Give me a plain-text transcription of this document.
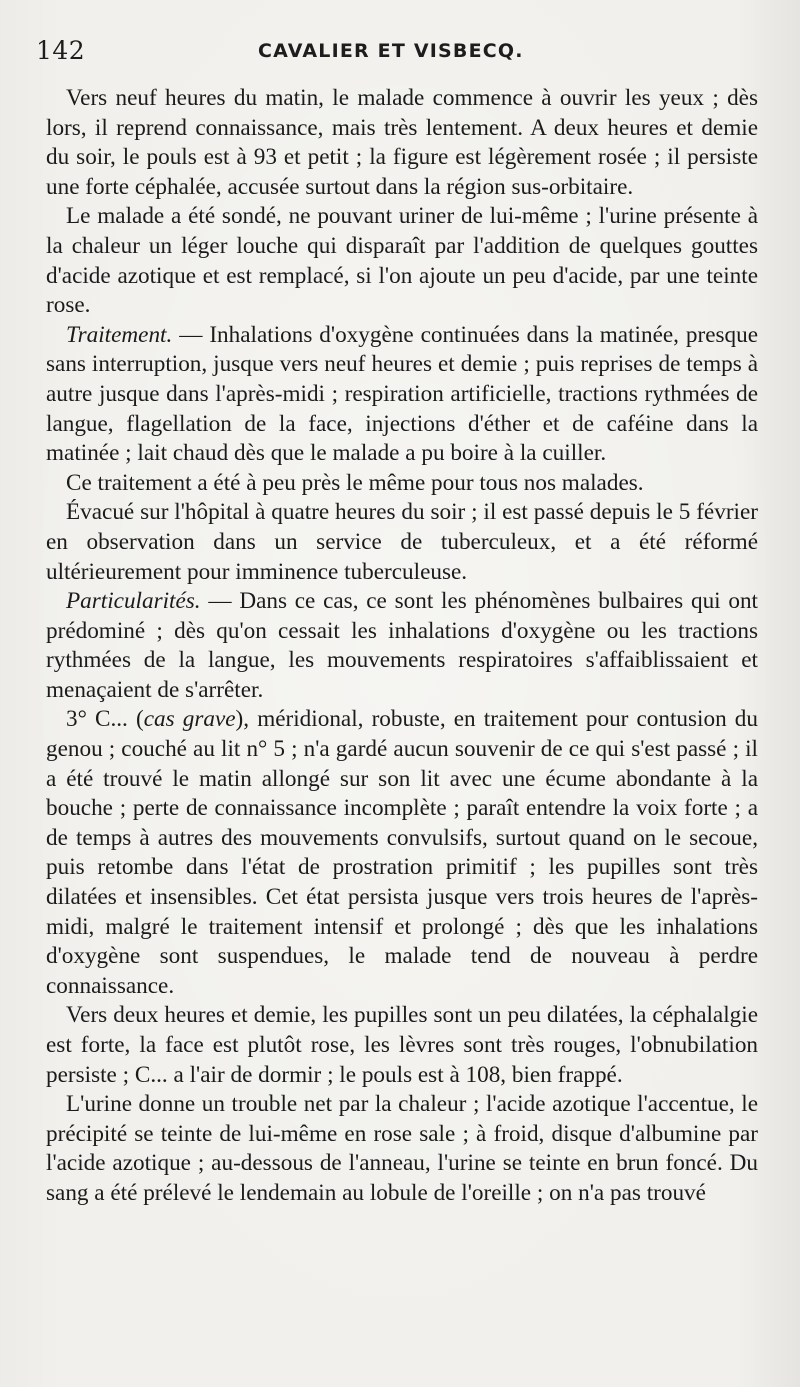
142	CAVALIER ET VISBECQ.

Vers neuf heures du matin, le malade commence à ouvrir les yeux ; dès lors, il reprend connaissance, mais très lentement. A deux heures et demie du soir, le pouls est à 93 et petit ; la figure est légèrement rosée ; il persiste une forte céphalée, accusée surtout dans la région sus-orbitaire.

Le malade a été sondé, ne pouvant uriner de lui-même ; l'urine présente à la chaleur un léger louche qui disparaît par l'addition de quelques gouttes d'acide azotique et est remplacé, si l'on ajoute un peu d'acide, par une teinte rose.

Traitement. — Inhalations d'oxygène continuées dans la matinée, presque sans interruption, jusque vers neuf heures et demie ; puis reprises de temps à autre jusque dans l'après-midi ; respiration artificielle, tractions rythmées de langue, flagellation de la face, injections d'éther et de caféine dans la matinée ; lait chaud dès que le malade a pu boire à la cuiller.

Ce traitement a été à peu près le même pour tous nos malades.

Évacué sur l'hôpital à quatre heures du soir ; il est passé depuis le 5 février en observation dans un service de tuberculeux, et a été réformé ultérieurement pour imminence tuberculeuse.

Particularités. — Dans ce cas, ce sont les phénomènes bulbaires qui ont prédominé ; dès qu'on cessait les inhalations d'oxygène ou les tractions rythmées de la langue, les mouvements respiratoires s'affaiblissaient et menaçaient de s'arrêter.

3° C... (cas grave), méridional, robuste, en traitement pour contusion du genou ; couché au lit n° 5 ; n'a gardé aucun souvenir de ce qui s'est passé ; il a été trouvé le matin allongé sur son lit avec une écume abondante à la bouche ; perte de connaissance incomplète ; paraît entendre la voix forte ; a de temps à autres des mouvements convulsifs, surtout quand on le secoue, puis retombe dans l'état de prostration primitif ; les pupilles sont très dilatées et insensibles. Cet état persista jusque vers trois heures de l'après-midi, malgré le traitement intensif et prolongé ; dès que les inhalations d'oxygène sont suspendues, le malade tend de nouveau à perdre connaissance.

Vers deux heures et demie, les pupilles sont un peu dilatées, la céphalalgie est forte, la face est plutôt rose, les lèvres sont très rouges, l'obnubilation persiste ; C... a l'air de dormir ; le pouls est à 108, bien frappé.

L'urine donne un trouble net par la chaleur ; l'acide azotique l'accentue, le précipité se teinte de lui-même en rose sale ; à froid, disque d'albumine par l'acide azotique ; au-dessous de l'anneau, l'urine se teinte en brun foncé. Du sang a été prélevé le lendemain au lobule de l'oreille ; on n'a pas trouvé
